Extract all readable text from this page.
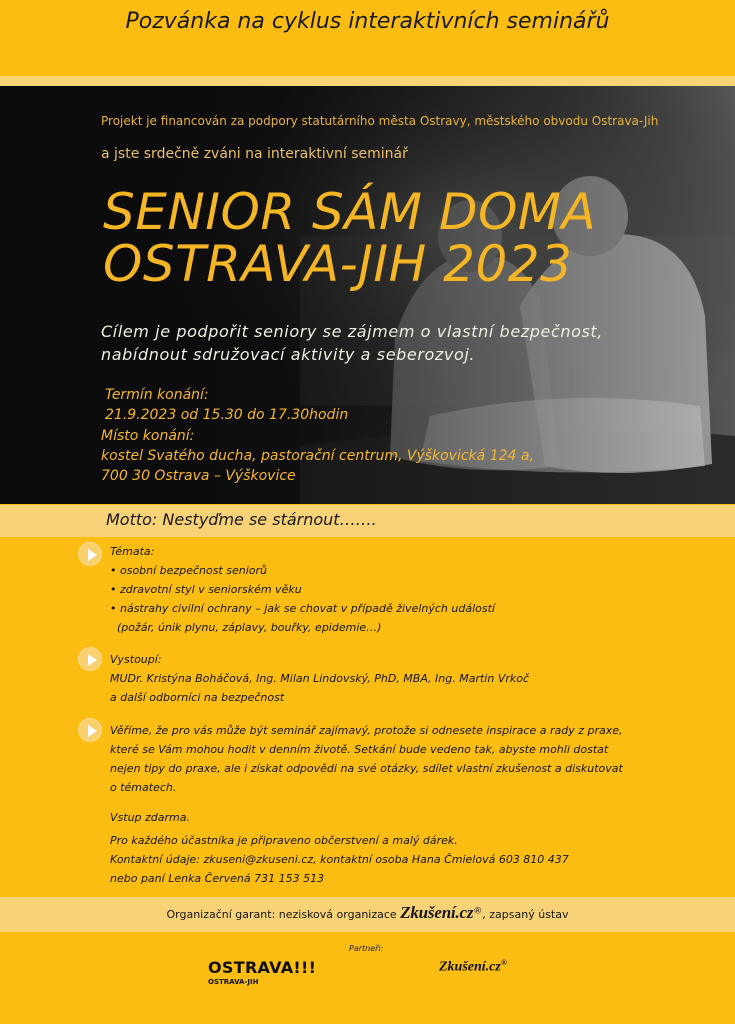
Pozvánka na cyklus interaktivních seminářů
Projekt je financován za podpory statutárního města Ostravy, městského obvodu Ostrava-Jih
a jste srdečně zváni na interaktivní seminář
SENIOR SÁM DOMA
OSTRAVA-JIH 2023
Cílem je podpořit seniory se zájmem o vlastní bezpečnost,
nabídnout sdružovací aktivity a seberozvoj.
Termín konání:
21.9.2023 od 15.30 do 17.30hodin
Místo konání:
kostel Svatého ducha, pastorační centrum, Výškovická 124 a,
700 30 Ostrava – Výškovice
Motto: Nestyďme se stárnout…….
Témata:
• osobní bezpečnost seniorů
• zdravotní styl v seniorském věku
• nástrahy civilní ochrany – jak se chovat v případě živelných událostí
(požár, únik plynu, záplavy, bouřky, epidemie…)
Vystoupí:
MUDr. Kristýna Boháčová, Ing. Milan Lindovský, PhD, MBA, Ing. Martin Vrkoč
a další odborníci na bezpečnost
Věříme, že pro vás může být seminář zajímavý, protože si odnesete inspirace a rady z praxe,
které se Vám mohou hodit v denním životě. Setkání bude vedeno tak, abyste mohli dostat
nejen tipy do praxe, ale i získat odpovědi na své otázky, sdílet vlastní zkušenost a diskutovat
o tématech.
Vstup zdarma.
Pro každého účastníka je připraveno občerstvení a malý dárek.
Kontaktní údaje: zkuseni@zkuseni.cz, kontaktní osoba Hana Čmielová 603 810 437
nebo paní Lenka Červená 731 153 513
Organizační garant: nezisková organizace Zkušení.cz®, zapsaný ústav
Partneři:
OSTRAVA!!!
OSTRAVA-JIH
Zkušení.cz®
